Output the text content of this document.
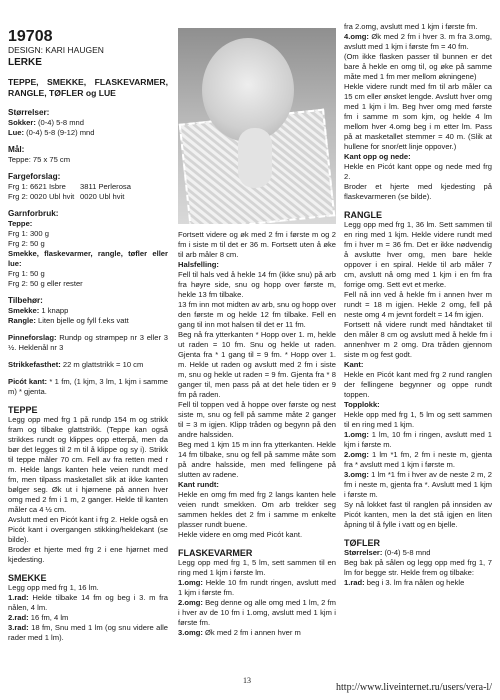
19708

DESIGN: KARI HAUGEN

LERKE

TEPPE, SMEKKE, FLASKEVARMER, RANGLE, TØFLER og LUE

Størrelser:
Sokker: (0-4) 5-8 mnd
Lue: (0-4) 5-8 (9-12) mnd
Mål:
Teppe: 75 x 75 cm
Fargeforslag:
Frg 1: 6621 Isbre	3811 Perlerosa
Frg 2: 0020 Ubl hvit 0020 Ubl hvit
Garnforbruk:
Teppe:
Frg 1: 300 g
Frg 2: 50 g
Smekke, flaskevarmer, rangle, tøfler eller lue:
Frg 1: 50 g
Frg 2: 50 g eller rester
Tilbehør:
Smekke: 1 knapp
Rangle: Liten bjelle og fyll f.eks vatt
Pinneforslag: Rundp og strømpep nr 3 eller 3 ½. Heklenål nr 3
Strikkefasthet: 22 m glattstrikk = 10 cm
Picót kant: * 1 fm, (1 kjm, 3 lm, 1 kjm i samme m) * gjenta.
TEPPE

Legg opp med frg 1 på rundp 154 m og strikk fram og tilbake glattstrikk. (Teppe kan også strikkes rundt og klippes opp etterpå, men da bør det legges til 2 m til å klippe og sy i). Strikk til teppe måler 70 cm. Fell av fra retten med r m. Hekle langs kanten hele veien rundt med fm, men tilpass masketallet slik at ikke kanten bølger seg. Øk ut i hjørnene på annen hver omg med 2 fm i 1 m, 2 ganger. Hekle til kanten måler ca 4 ½ cm.

Avslutt med en Picót kant i frg 2. Hekle også en Picót kant i overgangen stikking/heklekant (se bilde).

Broder et hjerte med frg 2 i ene hjørnet med kjedesting.

SMEKKE

Legg opp med frg 1, 16 lm.

1.rad: Hekle tilbake 14 fm og beg i 3. m fra nålen, 4 lm.

2.rad: 16 fm, 4 lm

3.rad: 18 fm, Snu med 1 lm (og snu videre alle rader med 1 lm).

Fortsett videre og øk med 2 fm i første m og 2 fm i siste m til det er 36 m. Fortsett uten å øke til arb måler 8 cm.

Halsfelling:

Fell til hals ved å hekle 14 fm (ikke snu) på arb fra høyre side, snu og hopp over første m, hekle 13 fm tilbake.

13 fm inn mot midten av arb, snu og hopp over den første m og hekle 12 fm tilbake. Fell en gang til inn mot halsen til det er 11 fm.

Beg nå fra ytterkanten * Hopp over 1. m, hekle ut raden = 10 fm. Snu og hekle ut raden. Gjenta fra * 1 gang til = 9 fm. * Hopp over 1. m. Hekle ut raden og avslutt med 2 fm i siste m, snu og hekle ut raden = 9 fm. Gjenta fra * 8 ganger til, men pass på at det hele tiden er 9 fm på raden.

Fell til toppen ved å hoppe over første og nest siste m, snu og fell på samme måte 2 ganger til = 3 m igjen. Klipp tråden og begynn på den andre halssiden.

Beg med 1 kjm 15 m inn fra ytterkanten. Hekle 14 fm tilbake, snu og fell på samme måte som på andre halsside, men med fellingene på slutten av radene.

Kant rundt:

Hekle en omg fm med frg 2 langs kanten hele veien rundt smekken. Om arb trekker seg sammen hekles det 2 fm i samme m enkelte plasser rundt buene.

Hekle videre en omg med Picót kant.

FLASKEVARMER

Legg opp med frg 1, 5 lm, sett sammen til en ring med 1 kjm i første lm.

1.omg: Hekle 10 fm rundt ringen, avslutt med 1 kjm i første fm.

2.omg: Beg denne og alle omg med 1 lm, 2 fm i hver av de 10 fm i 1.omg, avslutt med 1 kjm i første fm.

3.omg: Øk med 2 fm i annen hver m

fra 2.omg, avslutt med 1 kjm i første fm.

4.omg: Øk med 2 fm i hver 3. m fra 3.omg, avslutt med 1 kjm i første fm = 40 fm.

(Om ikke flasken passer til bunnen er det bare å hekle en omg til, og øke på samme måte med 1 fm mer mellom økningene)

Hekle videre rundt med fm til arb måler ca 15 cm eller ønsket lengde. Avslutt hver omg med 1 kjm i lm. Beg hver omg med første fm i samme m som kjm, og hekle 4 lm mellom hver 4.omg beg i m etter lm. Pass på at masketallet stemmer = 40 m. (Slik at hullene for snor/ett linje oppover.)

Kant opp og nede:

Hekle en Picót kant oppe og nede med frg 2.

Broder et hjerte med kjedesting på flaskevarmeren (se bilde).

RANGLE

Legg opp med frg 1, 36 lm. Sett sammen til en ring med 1 kjm. Hekle videre rundt med fm i hver m = 36 fm. Det er ikke nødvendig å avslutte hver omg, men bare hekle oppover i en spiral. Hekle til arb måler 7 cm, avslutt nå omg med 1 kjm i en fm fra forrige omg. Sett evt et merke.

Fell nå inn ved å hekle fm i annen hver m rundt = 18 m igjen. Hekle 2 omg, fell på neste omg 4 m jevnt fordelt = 14 fm igjen.

Fortsett nå videre rundt med håndtaket til den måler 8 cm og avslutt med å hekle fm i annenhver m 2 omg. Dra tråden gjennom siste m og fest godt.

Kant:

Hekle en Picót kant med frg 2 rund ranglen der fellingene begynner og oppe rundt toppen.

Topplokk:

Hekle opp med frg 1, 5 lm og sett sammen til en ring med 1 kjm.

1.omg: 1 lm, 10 fm i ringen, avslutt med 1 kjm i første m.

2.omg: 1 lm *1 fm, 2 fm i neste m, gjenta fra * avslutt med 1 kjm i første m.

3.omg: 1 lm *1 fm i hver av de neste 2 m, 2 fm i neste m, gjenta fra *. Avslutt med 1 kjm i første m.

Sy nå lokket fast til ranglen på innsiden av Picót kanten, men la det stå igjen en liten åpning til å fylle i vatt og en bjelle.

TØFLER

Størrelser: (0-4) 5-8 mnd

Beg bak på sålen og legg opp med frg 1, 7 lm for begge str. Hekle frem og tilbake:

1.rad: beg i 3. lm fra nålen og hekle

13
http://www.liveinternet.ru/users/vera-l/
